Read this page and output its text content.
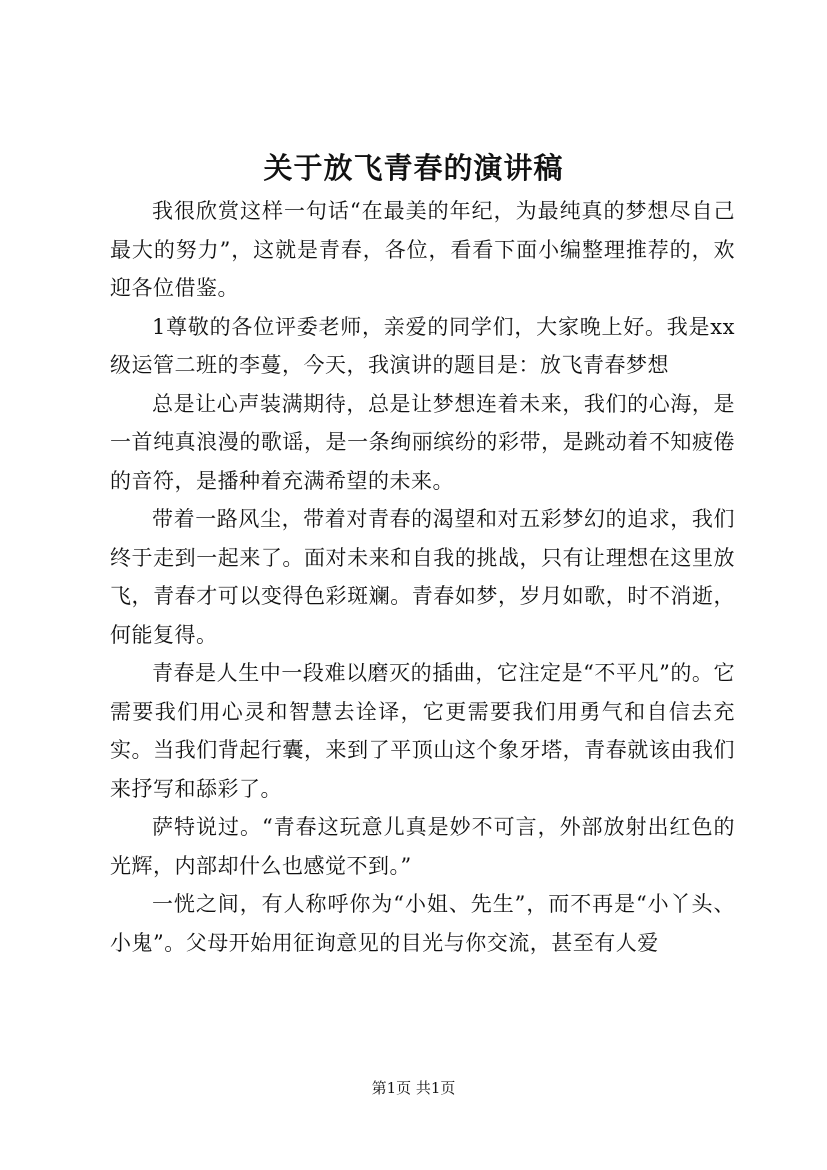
关于放飞青春的演讲稿

我很欣赏这样一句话“在最美的年纪，为最纯真的梦想尽自己最大的努力”，这就是青春，各位，看看下面小编整理推荐的，欢迎各位借鉴。

1尊敬的各位评委老师，亲爱的同学们，大家晚上好。我是xx级运管二班的李蔓，今天，我演讲的题目是：放飞青春梦想

总是让心声装满期待，总是让梦想连着未来，我们的心海，是一首纯真浪漫的歌谣，是一条绚丽缤纷的彩带，是跳动着不知疲倦的音符，是播种着充满希望的未来。

带着一路风尘，带着对青春的渴望和对五彩梦幻的追求，我们终于走到一起来了。面对未来和自我的挑战，只有让理想在这里放飞，青春才可以变得色彩斑斓。青春如梦，岁月如歌，时不消逝，何能复得。

青春是人生中一段难以磨灭的插曲，它注定是“不平凡”的。它需要我们用心灵和智慧去诠译，它更需要我们用勇气和自信去充实。当我们背起行囊，来到了平顶山这个象牙塔，青春就该由我们来抒写和舔彩了。

萨特说过。“青春这玩意儿真是妙不可言，外部放射出红色的光辉，内部却什么也感觉不到。”

一恍之间，有人称呼你为“小姐、先生”，而不再是“小丫头、小鬼”。父母开始用征询意见的目光与你交流，甚至有人爱

第1页 共1页
